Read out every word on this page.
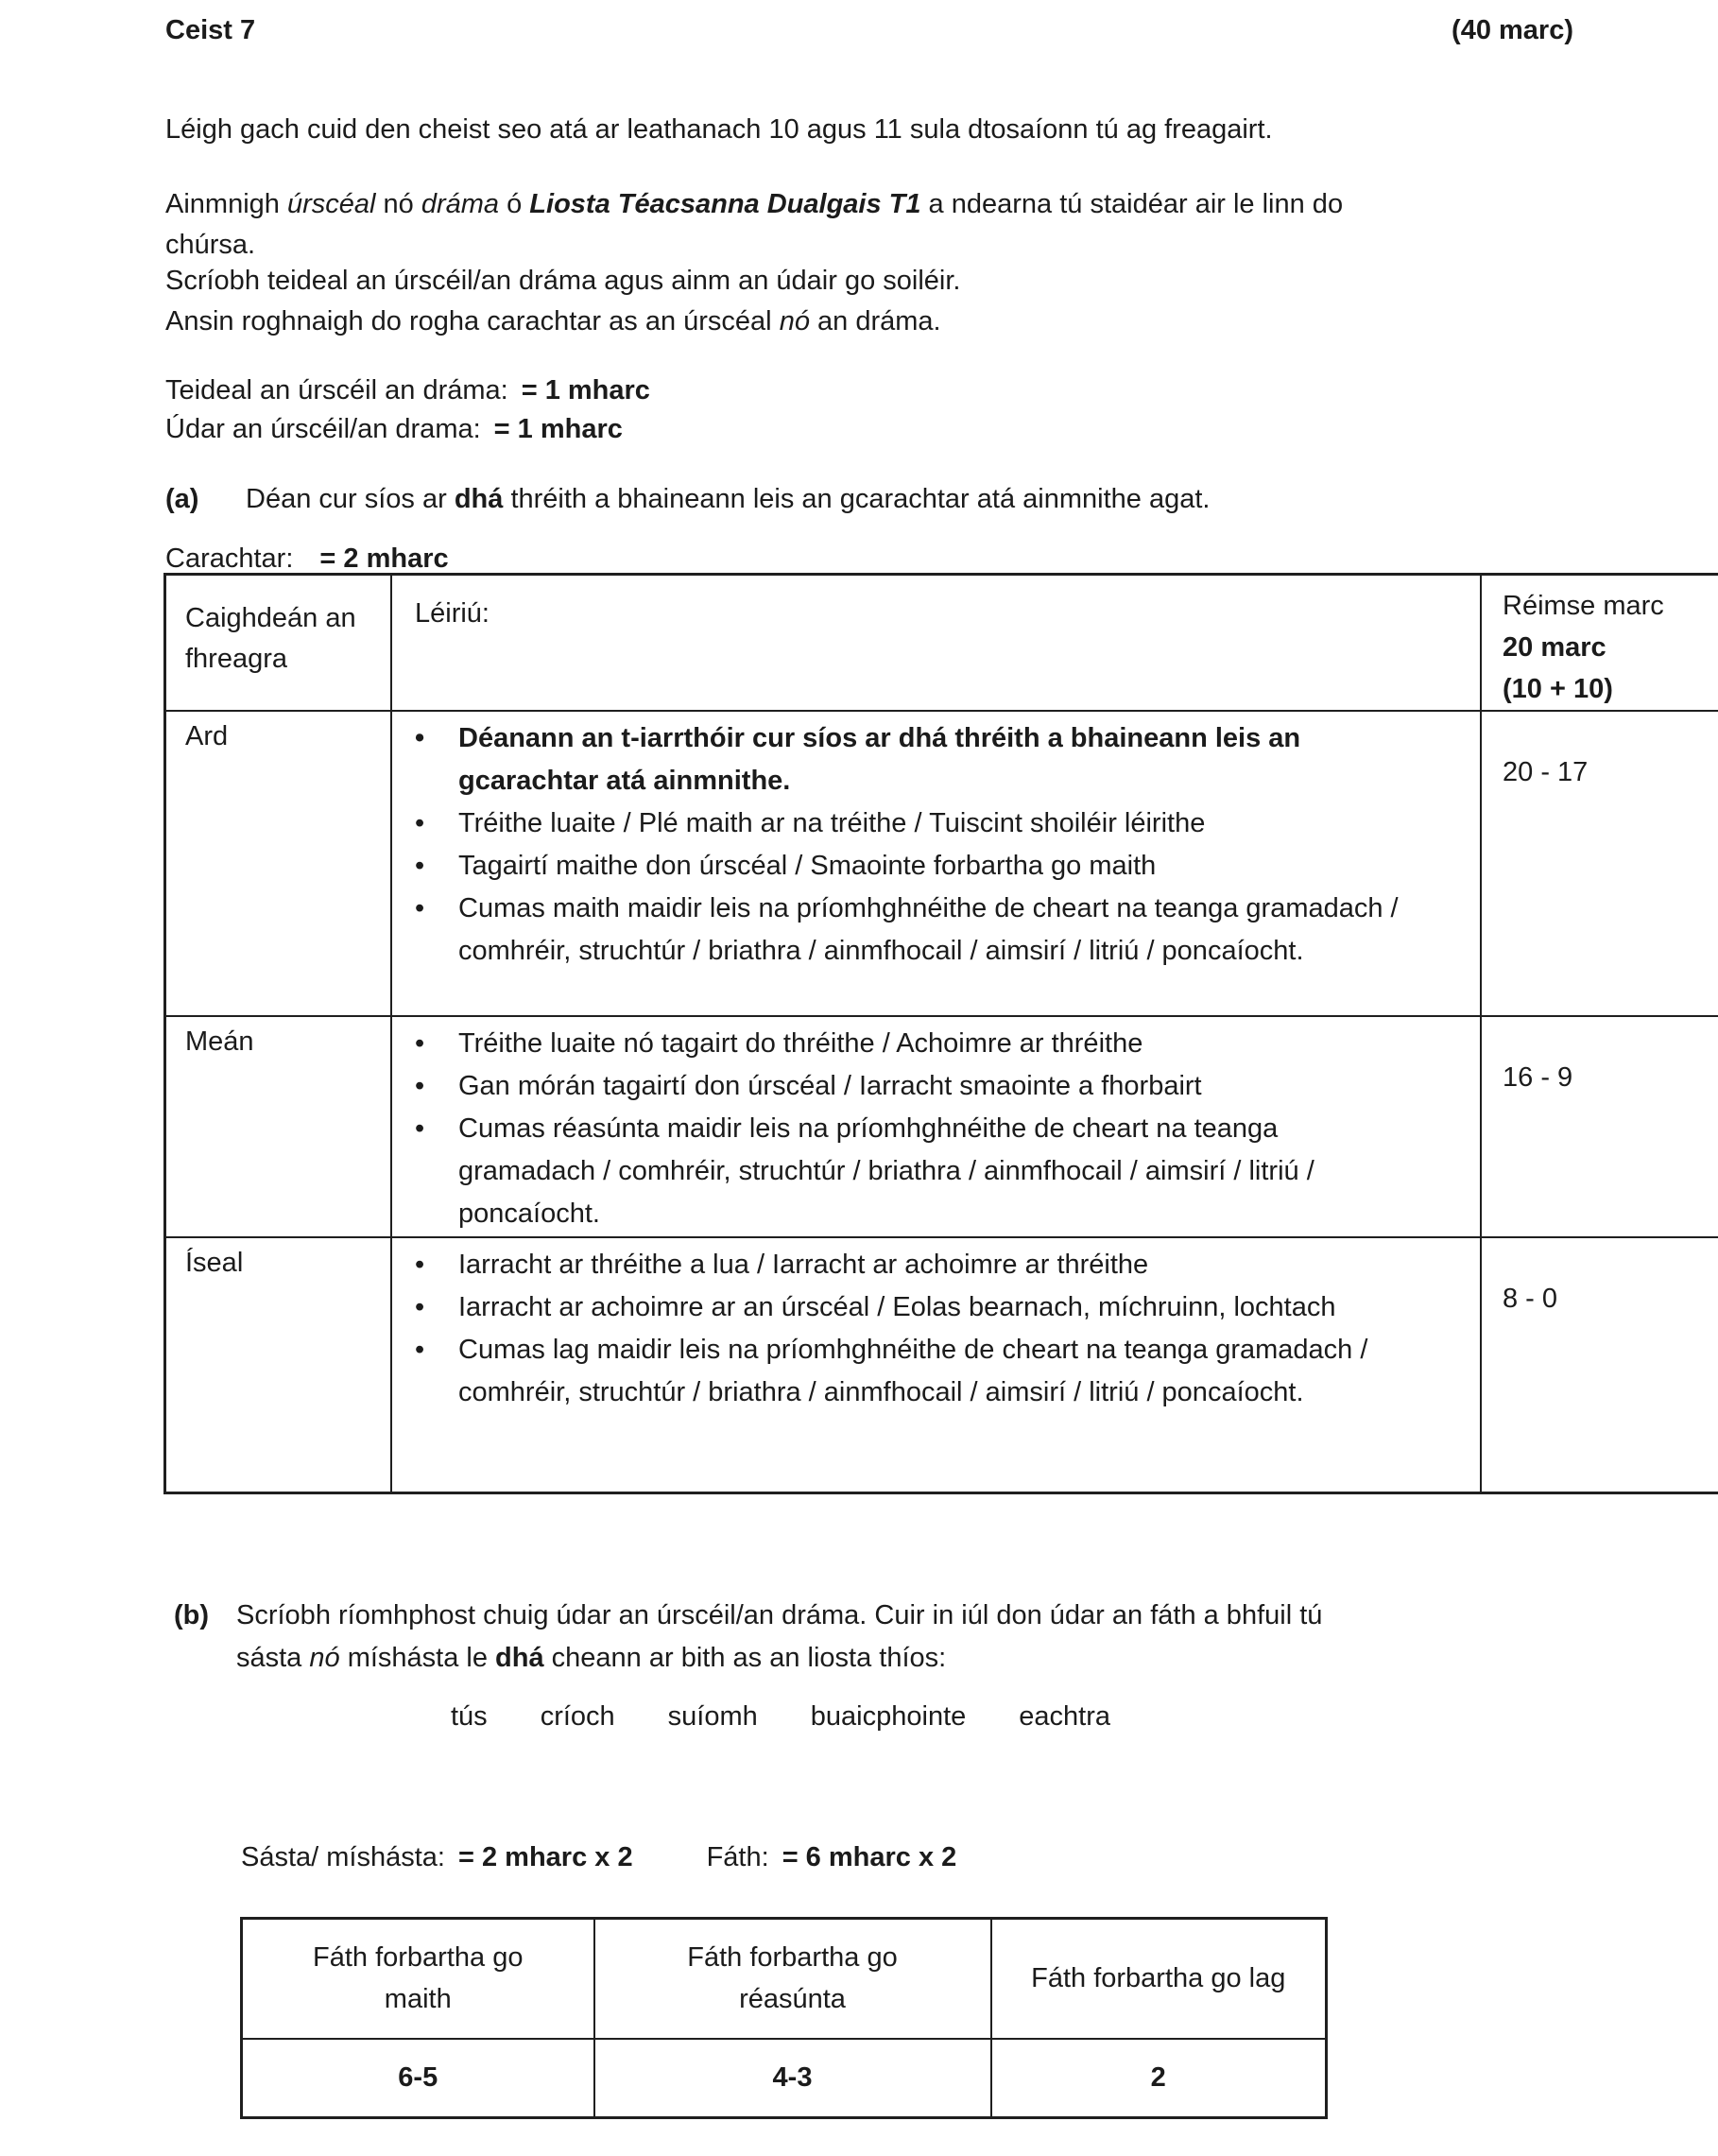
Ceist 7	(40 marc)

Léigh gach cuid den cheist seo atá ar leathanach 10 agus 11 sula dtosaíonn tú ag freagairt.

Ainmnigh úrscéal nó dráma ó Liosta Téacsanna Dualgais T1 a ndearna tú staidéar air le linn do
chúrsa.

Scríobh teideal an úrscéil/an dráma agus ainm an údair go soiléir.

Ansin roghnaigh do rogha carachtar as an úrscéal nó an dráma.

Teideal an úrscéil an dráma: = 1 mharc

Údar an úrscéil/an drama: = 1 mharc

(a) Déan cur síos ar dhá thréith a bhaineann leis an gcarachtar atá ainmnithe agat.

Carachtar: = 2 mharc

Caighdeán an fhreagra	Léiriú:	Réimse marc
20 marc
(10 + 10)
Ard	
•Déanann an t-iarrthóir cur síos ar dhá thréith a bhaineann leis an gcarachtar atá ainmnithe.
• Tréithe luaite / Plé maith ar na tréithe / Tuiscint shoiléir léirithe
• Tagairtí maithe don úrscéal / Smaointe forbartha go maith
• Cumas maith maidir leis na príomhghnéithe de cheart na teanga gramadach / comhréir, struchtúr / briathra / ainmfhocail / aimsirí / litriú / poncaíocht.
	20 - 17
Meán	
•Tréithe luaite nó tagairt do thréithe / Achoimre ar thréithe
• Gan mórán tagairtí don úrscéal / Iarracht smaointe a fhorbairt
• Cumas réasúnta maidir leis na príomhghnéithe de cheart na teanga gramadach / comhréir, struchtúr / briathra / ainmfhocail / aimsirí / litriú / poncaíocht.
	16 - 9
Íseal	
•Iarracht ar thréithe a lua / Iarracht ar achoimre ar thréithe
• Iarracht ar achoimre ar an úrscéal / Eolas bearnach, míchruinn, lochtach
• Cumas lag maidir leis na príomhghnéithe de cheart na teanga gramadach / comhréir, struchtúr / briathra / ainmfhocail / aimsirí / litriú / poncaíocht.
	8 - 0

(b) Scríobh ríomhphost chuig údar an úrscéil/an dráma. Cuir in iúl don údar an fáth a bhfuil tú
sásta nó míshásta le dhá cheann ar bith as an liosta thíos:

tús críoch suíomh buaicphointe eachtra

Sásta/ míshásta: = 2 mharc x 2	Fáth: = 6 mharc x 2

Fáth forbartha go maith	Fáth forbartha go réasúnta	Fáth forbartha go lag
6-5	4-3	2
